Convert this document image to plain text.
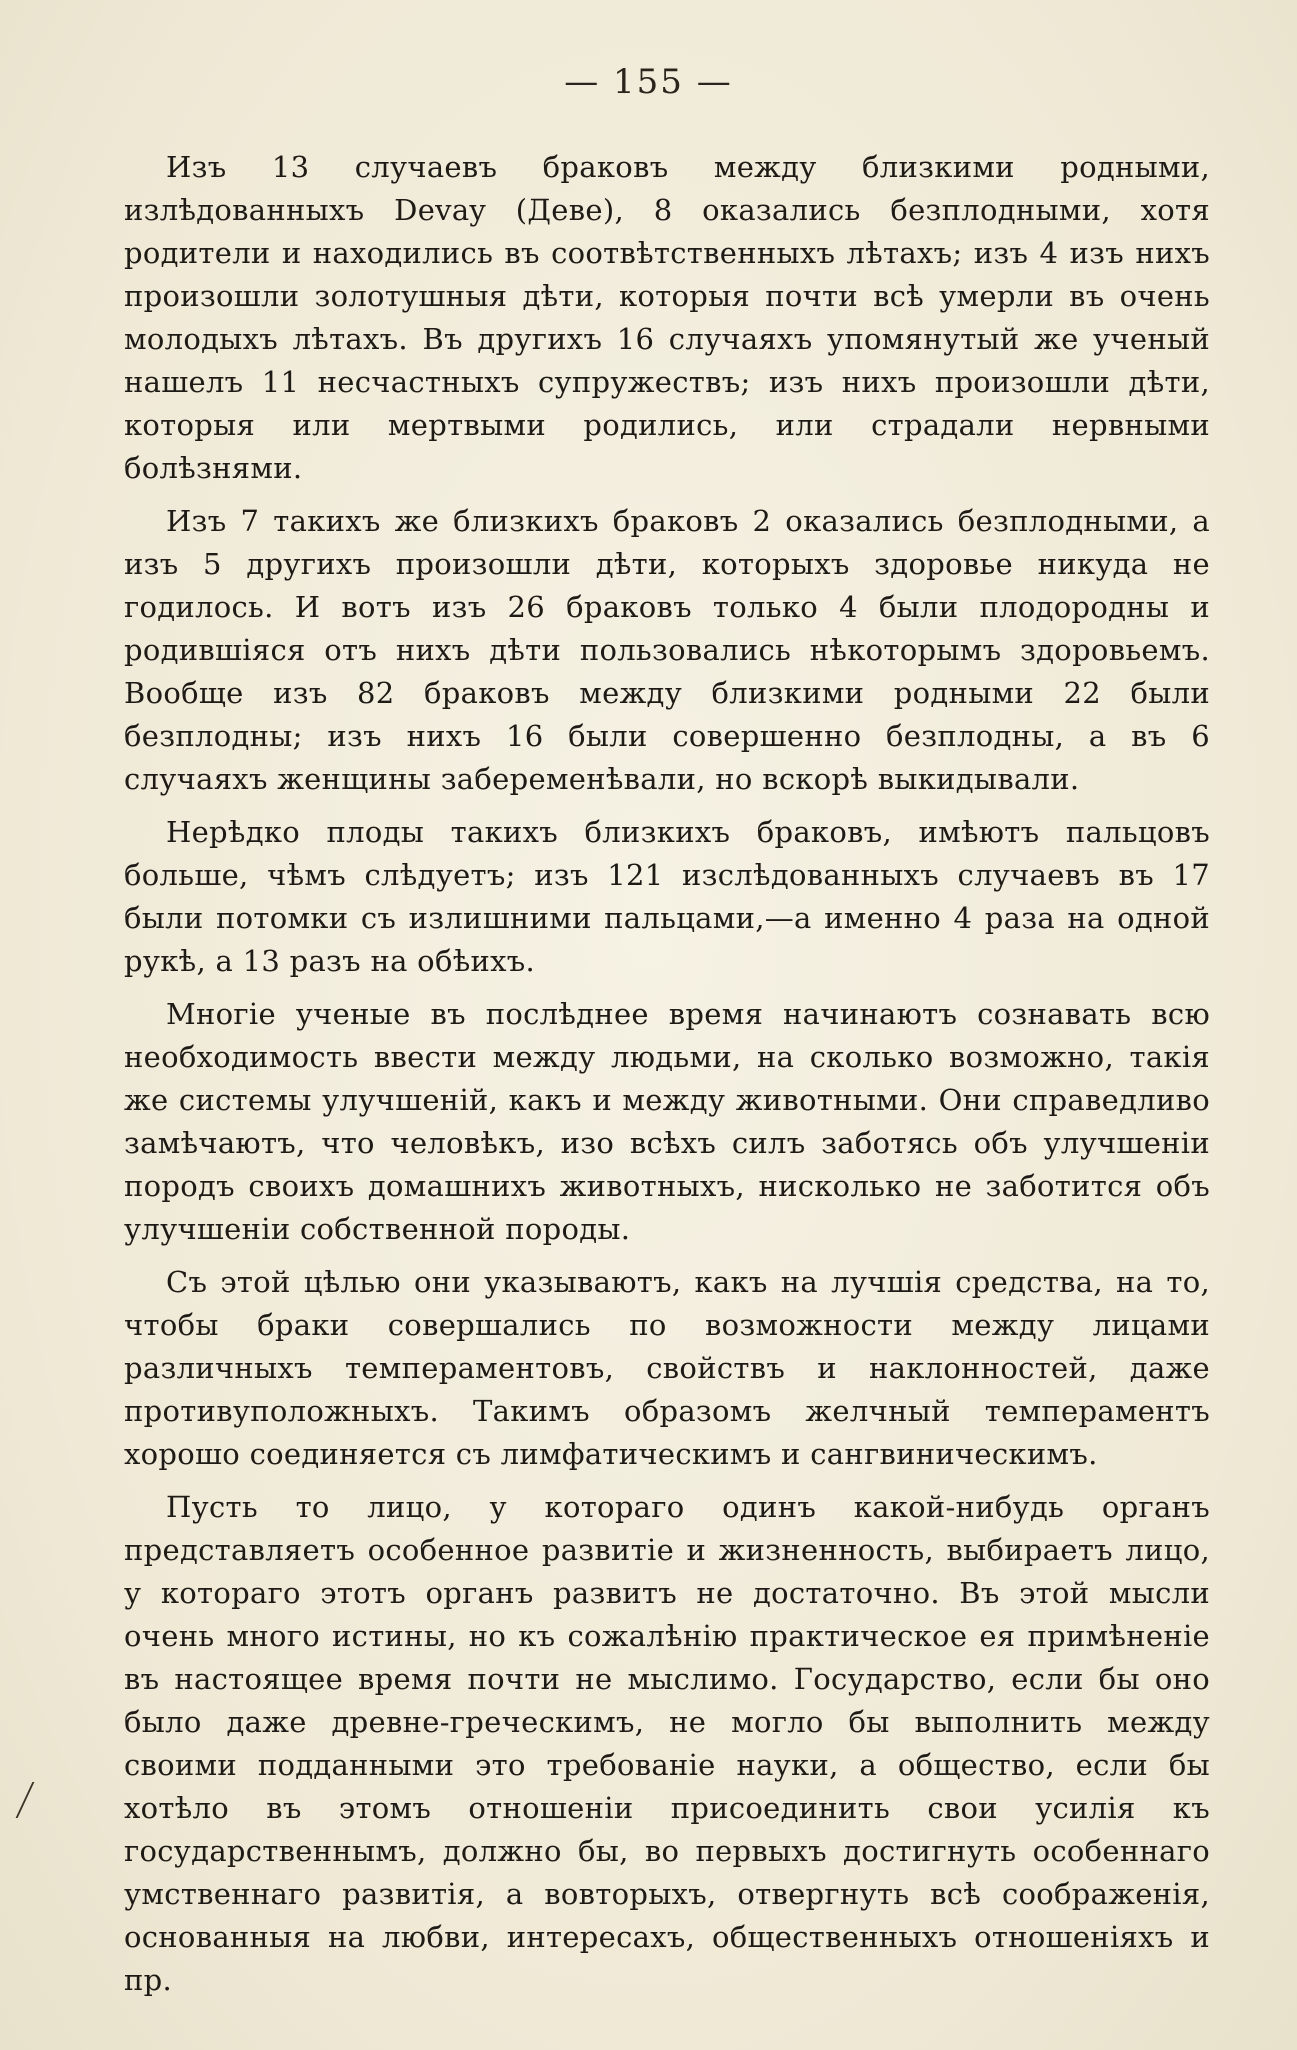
— 155 —

Изъ 13 случаевъ браковъ между близкими родными, излѣдованныхъ Devay (Деве), 8 оказались безплодными, хотя родители и находились въ соотвѣтственныхъ лѣтахъ; изъ 4 изъ нихъ произошли золотушныя дѣти, которыя почти всѣ умерли въ очень молодыхъ лѣтахъ. Въ другихъ 16 случаяхъ упомянутый же ученый нашелъ 11 несчастныхъ супружествъ; изъ нихъ произошли дѣти, которыя или мертвыми родились, или страдали нервными болѣзнями.

Изъ 7 такихъ же близкихъ браковъ 2 оказались безплодными, а изъ 5 другихъ произошли дѣти, которыхъ здоровье никуда не годилось. И вотъ изъ 26 браковъ только 4 были плодородны и родившіяся отъ нихъ дѣти пользовались нѣкоторымъ здоровьемъ. Вообще изъ 82 браковъ между близкими родными 22 были безплодны; изъ нихъ 16 были совершенно безплодны, а въ 6 случаяхъ женщины забеременѣвали, но вскорѣ выкидывали.

Нерѣдко плоды такихъ близкихъ браковъ, имѣютъ пальцовъ больше, чѣмъ слѣдуетъ; изъ 121 изслѣдованныхъ случаевъ въ 17 были потомки съ излишними пальцами,—а именно 4 раза на одной рукѣ, а 13 разъ на обѣихъ.

Многіе ученые въ послѣднее время начинаютъ сознавать всю необходимость ввести между людьми, на сколько возможно, такія же системы улучшеній, какъ и между животными. Они справедливо замѣчаютъ, что человѣкъ, изо всѣхъ силъ заботясь объ улучшеніи породъ своихъ домашнихъ животныхъ, нисколько не заботится объ улучшеніи собственной породы.

Съ этой цѣлью они указываютъ, какъ на лучшія средства, на то, чтобы браки совершались по возможности между лицами различныхъ темпераментовъ, свойствъ и наклонностей, даже противуположныхъ. Такимъ образомъ желчный темпераментъ хорошо соединяется съ лимфатическимъ и сангвиническимъ.

Пусть то лицо, у котораго одинъ какой-нибудь органъ представляетъ особенное развитіе и жизненность, выбираетъ лицо, у котораго этотъ органъ развитъ не достаточно. Въ этой мысли очень много истины, но къ сожалѣнію практическое ея примѣненіе въ настоящее время почти не мыслимо. Государство, если бы оно было даже древне-греческимъ, не могло бы выполнить между своими подданными это требованіе науки, а общество, если бы хотѣло въ этомъ отношеніи присоединить свои усилія къ государственнымъ, должно бы, во первыхъ достигнуть особеннаго умственнаго развитія, а вовторыхъ, отвергнуть всѣ соображенія, основанныя на любви, интересахъ, общественныхъ отношеніяхъ и пр.
